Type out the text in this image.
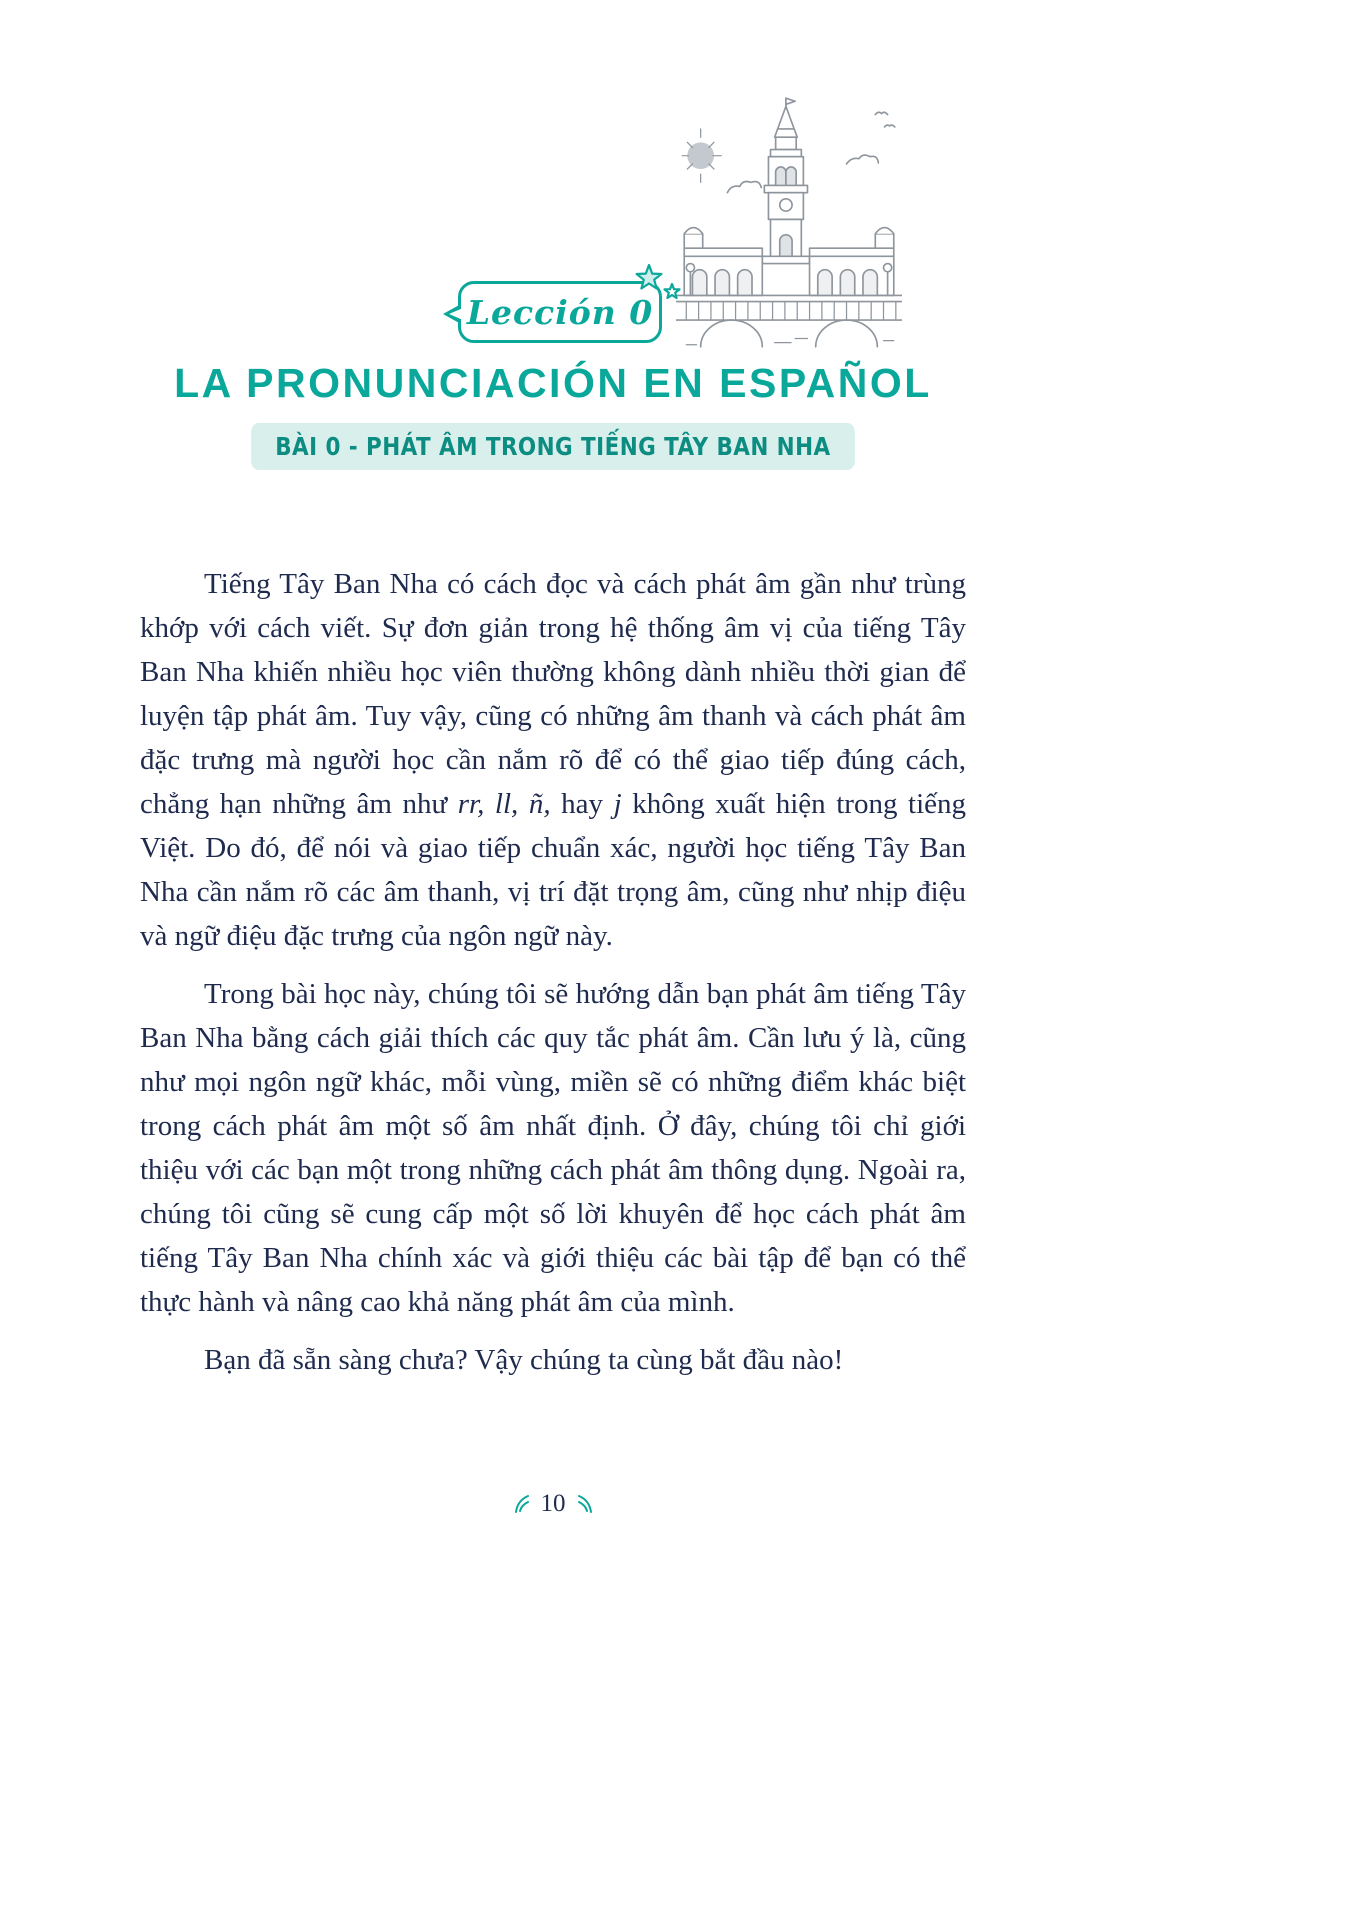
Lección 0
LA PRONUNCIACIÓN EN ESPAÑOL
BÀI 0 - PHÁT ÂM TRONG TIẾNG TÂY BAN NHA

Tiếng Tây Ban Nha có cách đọc và cách phát âm gần như trùng khớp với cách viết. Sự đơn giản trong hệ thống âm vị của tiếng Tây Ban Nha khiến nhiều học viên thường không dành nhiều thời gian để luyện tập phát âm. Tuy vậy, cũng có những âm thanh và cách phát âm đặc trưng mà người học cần nắm rõ để có thể giao tiếp đúng cách, chẳng hạn những âm như rr, ll, ñ, hay j không xuất hiện trong tiếng Việt. Do đó, để nói và giao tiếp chuẩn xác, người học tiếng Tây Ban Nha cần nắm rõ các âm thanh, vị trí đặt trọng âm, cũng như nhịp điệu và ngữ điệu đặc trưng của ngôn ngữ này.

Trong bài học này, chúng tôi sẽ hướng dẫn bạn phát âm tiếng Tây Ban Nha bằng cách giải thích các quy tắc phát âm. Cần lưu ý là, cũng như mọi ngôn ngữ khác, mỗi vùng, miền sẽ có những điểm khác biệt trong cách phát âm một số âm nhất định. Ở đây, chúng tôi chỉ giới thiệu với các bạn một trong những cách phát âm thông dụng. Ngoài ra, chúng tôi cũng sẽ cung cấp một số lời khuyên để học cách phát âm tiếng Tây Ban Nha chính xác và giới thiệu các bài tập để bạn có thể thực hành và nâng cao khả năng phát âm của mình.

Bạn đã sẵn sàng chưa? Vậy chúng ta cùng bắt đầu nào!

10
